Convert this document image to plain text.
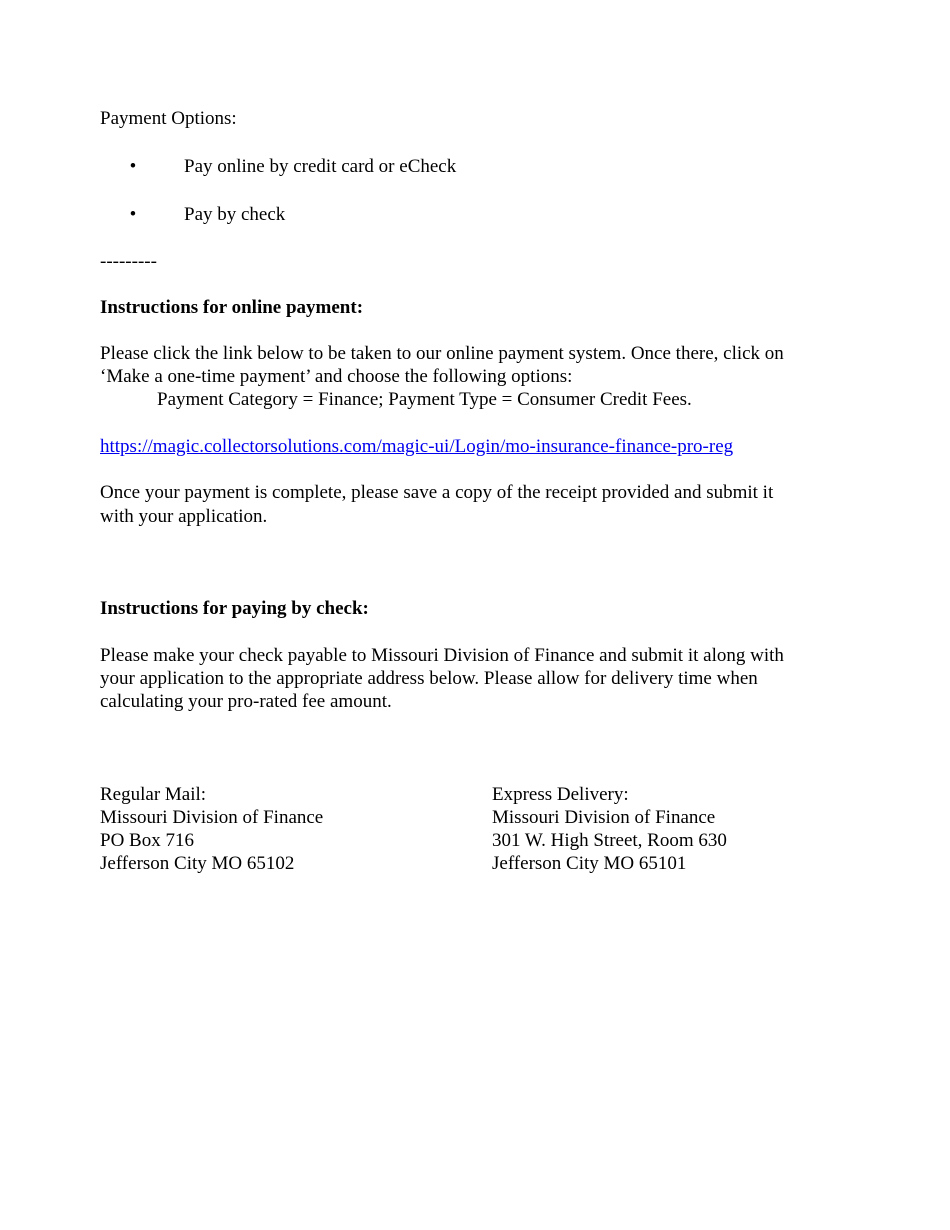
Payment Options:
•	Pay online by credit card or eCheck
•	Pay by check
---------
Instructions for online payment:
Please click the link below to be taken to our online payment system. Once there, click on
‘Make a one-time payment’ and choose the following options:
Payment Category = Finance; Payment Type = Consumer Credit Fees.
https://magic.collectorsolutions.com/magic-ui/Login/mo-insurance-finance-pro-reg
Once your payment is complete, please save a copy of the receipt provided and submit it
with your application.
Instructions for paying by check:
Please make your check payable to Missouri Division of Finance and submit it along with
your application to the appropriate address below. Please allow for delivery time when
calculating your pro-rated fee amount.
Regular Mail:
Missouri Division of Finance
PO Box 716
Jefferson City MO 65102
Express Delivery:
Missouri Division of Finance
301 W. High Street, Room 630
Jefferson City MO 65101
